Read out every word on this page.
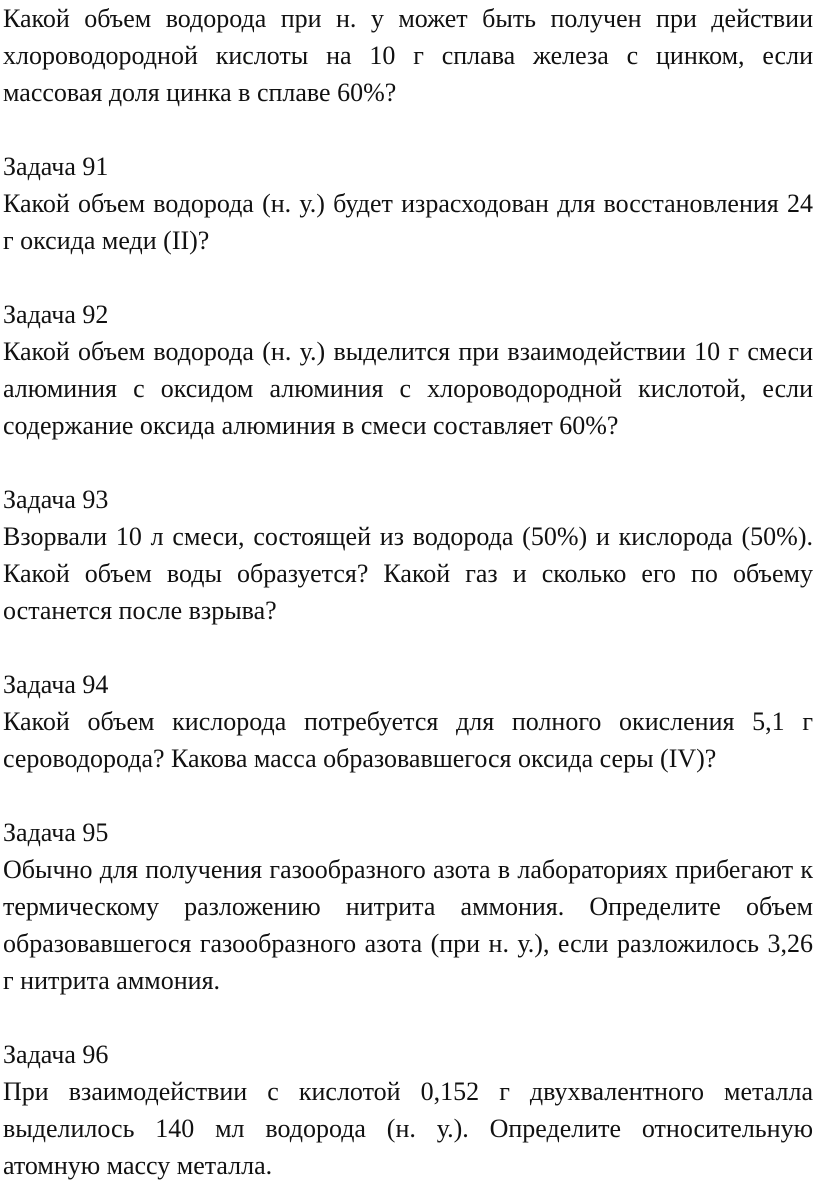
Какой объем водорода при н. у может быть получен при действии хлороводородной кислоты на 10 г сплава железа с цинком, если массовая доля цинка в сплаве 60%?

Задача 91

Какой объем водорода (н. у.) будет израсходован для восстановления 24 г оксида меди (II)?

Задача 92

Какой объем водорода (н. у.) выделится при взаимодействии 10 г смеси алюминия с оксидом алюминия с хлороводородной кислотой, если содержание оксида алюминия в смеси составляет 60%?

Задача 93

Взорвали 10 л смеси, состоящей из водорода (50%) и кислорода (50%). Какой объем воды образуется? Какой газ и сколько его по объему останется после взрыва?

Задача 94

Какой объем кислорода потребуется для полного окисления 5,1 г сероводорода? Какова масса образовавшегося оксида серы (IV)?

Задача 95

Обычно для получения газообразного азота в лабораториях прибегают к термическому разложению нитрита аммония. Определите объем образовавшегося газообразного азота (при н. у.), если разложилось 3,26 г нитрита аммония.

Задача 96

При взаимодействии с кислотой 0,152 г двухвалентного металла выделилось 140 мл водорода (н. у.). Определите относительную атомную массу металла.
